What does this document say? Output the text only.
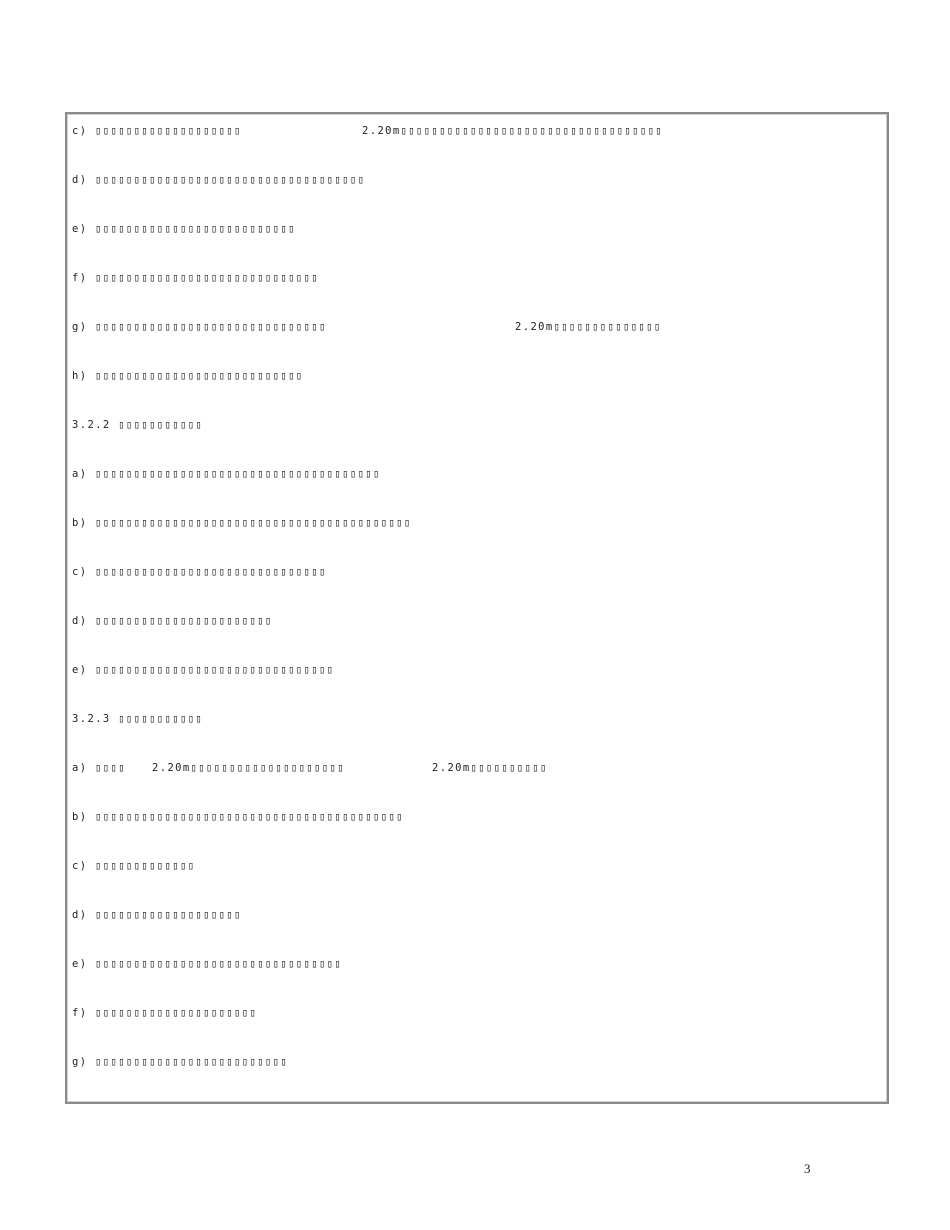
c) ▯▯▯▯▯▯▯▯▯▯▯▯▯▯▯▯▯▯▯

	2.20m▯▯▯▯▯▯▯▯▯▯▯▯▯▯▯▯▯▯▯▯▯▯▯▯▯▯▯▯▯▯▯▯▯▯

d) ▯▯▯▯▯▯▯▯▯▯▯▯▯▯▯▯▯▯▯▯▯▯▯▯▯▯▯▯▯▯▯▯▯▯▯

e) ▯▯▯▯▯▯▯▯▯▯▯▯▯▯▯▯▯▯▯▯▯▯▯▯▯▯

f) ▯▯▯▯▯▯▯▯▯▯▯▯▯▯▯▯▯▯▯▯▯▯▯▯▯▯▯▯▯

g) ▯▯▯▯▯▯▯▯▯▯▯▯▯▯▯▯▯▯▯▯▯▯▯▯▯▯▯▯▯▯

	2.20m▯▯▯▯▯▯▯▯▯▯▯▯▯▯

h) ▯▯▯▯▯▯▯▯▯▯▯▯▯▯▯▯▯▯▯▯▯▯▯▯▯▯▯

3.2.2 ▯▯▯▯▯▯▯▯▯▯▯

a) ▯▯▯▯▯▯▯▯▯▯▯▯▯▯▯▯▯▯▯▯▯▯▯▯▯▯▯▯▯▯▯▯▯▯▯▯▯

b) ▯▯▯▯▯▯▯▯▯▯▯▯▯▯▯▯▯▯▯▯▯▯▯▯▯▯▯▯▯▯▯▯▯▯▯▯▯▯▯▯▯

c) ▯▯▯▯▯▯▯▯▯▯▯▯▯▯▯▯▯▯▯▯▯▯▯▯▯▯▯▯▯▯

d) ▯▯▯▯▯▯▯▯▯▯▯▯▯▯▯▯▯▯▯▯▯▯▯

e) ▯▯▯▯▯▯▯▯▯▯▯▯▯▯▯▯▯▯▯▯▯▯▯▯▯▯▯▯▯▯▯

3.2.3 ▯▯▯▯▯▯▯▯▯▯▯

a) ▯▯▯▯

2.20m▯▯▯▯▯▯▯▯▯▯▯▯▯▯▯▯▯▯▯▯

	2.20m▯▯▯▯▯▯▯▯▯▯

b) ▯▯▯▯▯▯▯▯▯▯▯▯▯▯▯▯▯▯▯▯▯▯▯▯▯▯▯▯▯▯▯▯▯▯▯▯▯▯▯▯

c) ▯▯▯▯▯▯▯▯▯▯▯▯▯

d) ▯▯▯▯▯▯▯▯▯▯▯▯▯▯▯▯▯▯▯

e) ▯▯▯▯▯▯▯▯▯▯▯▯▯▯▯▯▯▯▯▯▯▯▯▯▯▯▯▯▯▯▯▯

f) ▯▯▯▯▯▯▯▯▯▯▯▯▯▯▯▯▯▯▯▯▯

g) ▯▯▯▯▯▯▯▯▯▯▯▯▯▯▯▯▯▯▯▯▯▯▯▯▯

3
